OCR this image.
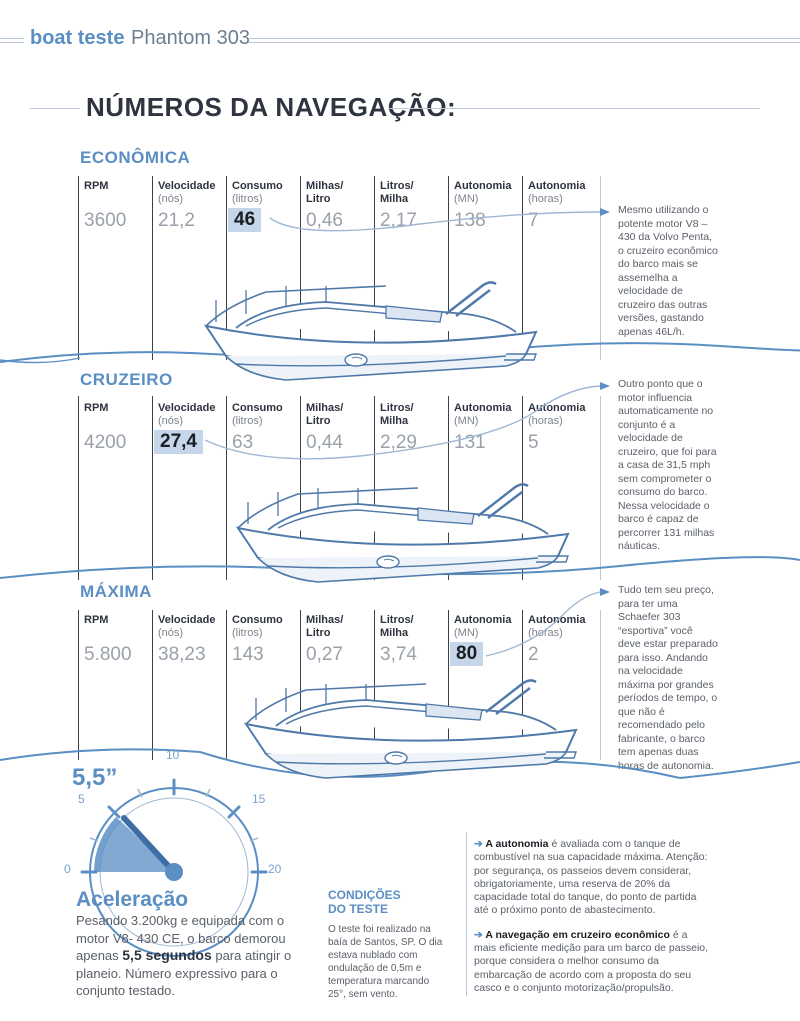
boat teste Phantom 303
NÚMEROS DA NAVEGAÇÃO:
ECONÔMICA
RPM
3600
Velocidade
(nós)
21,2
Consumo
(litros)
46
Milhas/
Litro
0,46
Litros/
Milha
2,17
Autonomia
(MN)
138
Autonomia
(horas)
7	Mesmo utilizando o potente motor V8 – 430 da Volvo Penta, o cruzeiro econômico do barco mais se assemelha a velocidade de cruzeiro das outras versões, gastando apenas 46L/h.
CRUZEIRO
RPM
4200
Velocidade
(nós)
27,4
Consumo
(litros)
63
Milhas/
Litro
0,44
Litros/
Milha
2,29
Autonomia
(MN)
131
Autonomia
(horas)
5
Outro ponto que o motor influencia automaticamente no conjunto é a velocidade de cruzeiro, que foi para a casa de 31,5 mph sem comprometer o consumo do barco. Nessa velocidade o barco é capaz de percorrer 131 milhas náuticas.
MÁXIMA
RPM
5.800
Velocidade
(nós)
38,23
Consumo
(litros)
143
Milhas/
Litro
0,27
Litros/
Milha
3,74
Autonomia
(MN)
80
Autonomia
(horas)
2
Tudo tem seu preço, para ter uma Schaefer 303 “esportiva” você deve estar preparado para isso. Andando na velocidade máxima por grandes períodos de tempo, o que não é recomendado pelo fabricante, o barco tem apenas duas horas de autonomia.
5,5”
0
5
10
15
20
Aceleração
Pesando 3.200kg e equipada com o motor V8- 430 CE, o barco demorou apenas 5,5 segundos para atingir o planeio. Número expressivo para o conjunto testado.
CONDIÇÕES DO TESTE
O teste foi realizado na baía de Santos, SP. O dia estava nublado com ondulação de 0,5m e temperatura marcando 25°, sem vento.

➔ A autonomia é avaliada com o tanque de combustível na sua capacidade máxima. Atenção: por segurança, os passeios devem considerar, obrigatoriamente, uma reserva de 20% da capacidade total do tanque, do ponto de partida até o próximo ponto de abastecimento.

➔ A navegação em cruzeiro econômico é a mais eficiente medição para um barco de passeio, porque considera o melhor consumo da embarcação de acordo com a proposta do seu casco e o conjunto motorização/propulsão.
